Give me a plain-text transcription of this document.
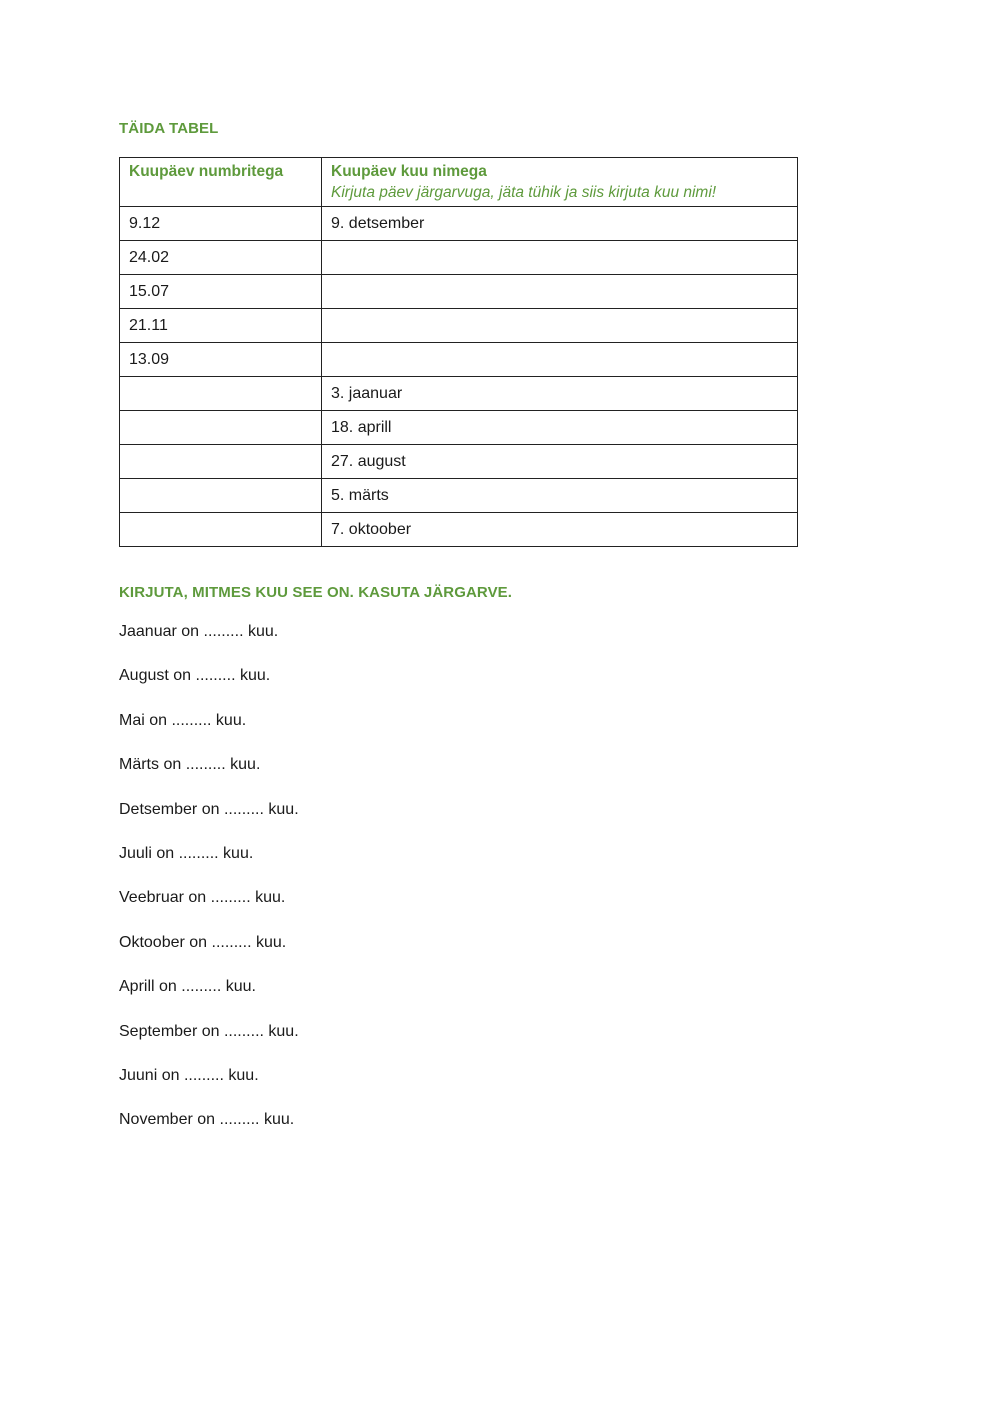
TÄIDA TABEL
Kuupäev numbritega	Kuupäev kuu nimega
Kirjuta päev järgarvuga, jäta tühik ja siis kirjuta kuu nimi!

9.12	9. detsember
24.02	
15.07	
21.11	
13.09	
	3. jaanuar
	18. aprill
	27. august
	5. märts
	7. oktoober
KIRJUTA, MITMES KUU SEE ON. KASUTA JÄRGARVE.
Jaanuar on ......... kuu.
August on ......... kuu.
Mai on ......... kuu.
Märts on ......... kuu.
Detsember on ......... kuu.
Juuli on ......... kuu.
Veebruar on ......... kuu.
Oktoober on ......... kuu.
Aprill on ......... kuu.
September on ......... kuu.
Juuni on ......... kuu.
November on ......... kuu.
